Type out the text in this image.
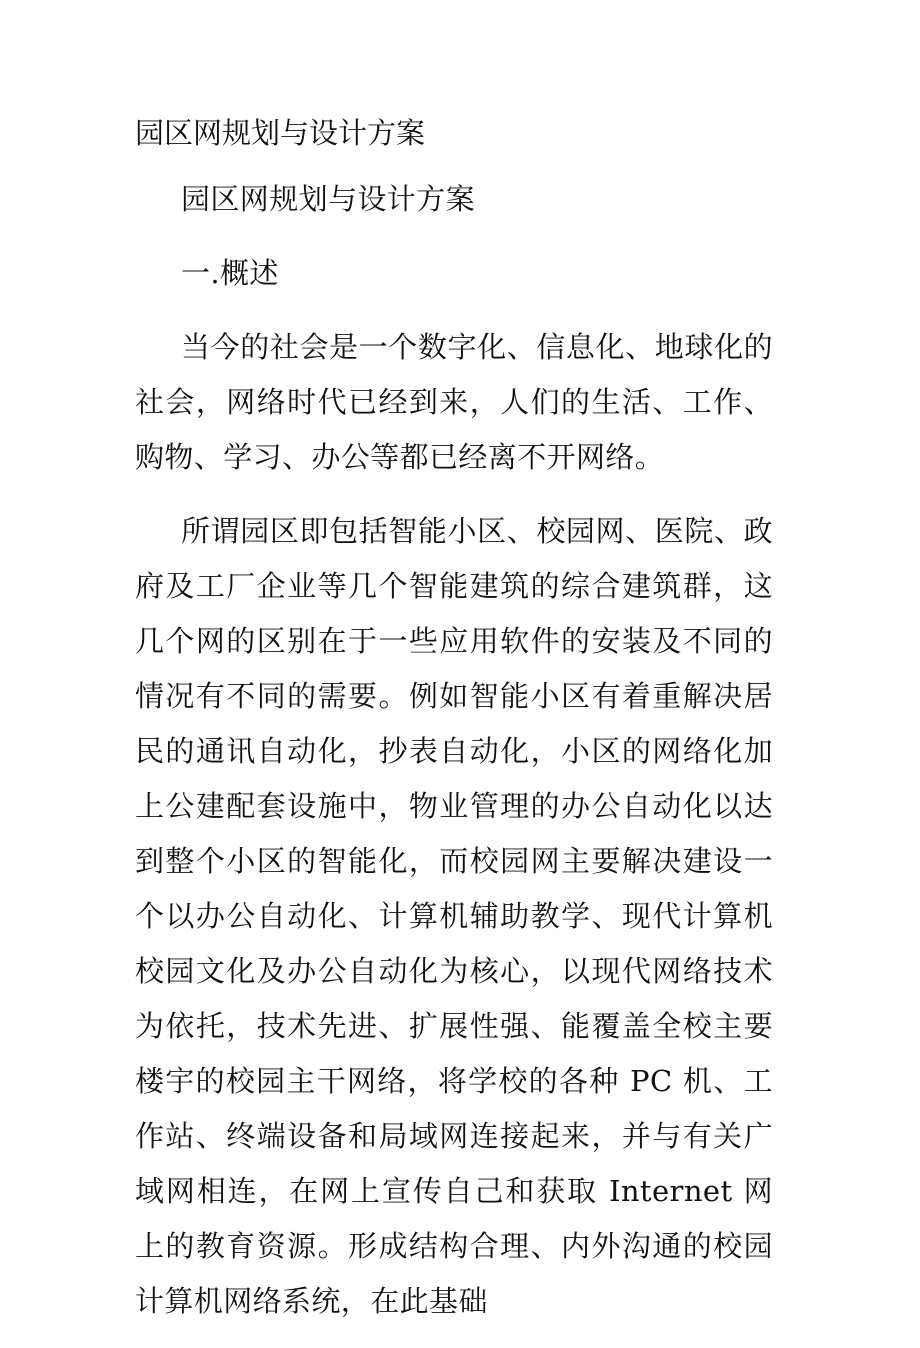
园区网规划与设计方案

园区网规划与设计方案

一.概述

当今的社会是一个数字化、信息化、地球化的社会，网络时代已经到来，人们的生活、工作、购物、学习、办公等都已经离不开网络。

所谓园区即包括智能小区、校园网、医院、政府及工厂企业等几个智能建筑的综合建筑群，这几个网的区别在于一些应用软件的安装及不同的情况有不同的需要。例如智能小区有着重解决居民的通讯自动化，抄表自动化，小区的网络化加上公建配套设施中，物业管理的办公自动化以达到整个小区的智能化，而校园网主要解决建设一个以办公自动化、计算机辅助教学、现代计算机校园文化及办公自动化为核心，以现代网络技术为依托，技术先进、扩展性强、能覆盖全校主要楼宇的校园主干网络，将学校的各种 PC 机、工作站、终端设备和局域网连接起来，并与有关广域网相连，在网上宣传自己和获取 Internet 网上的教育资源。形成结构合理、内外沟通的校园计算机网络系统，在此基础
